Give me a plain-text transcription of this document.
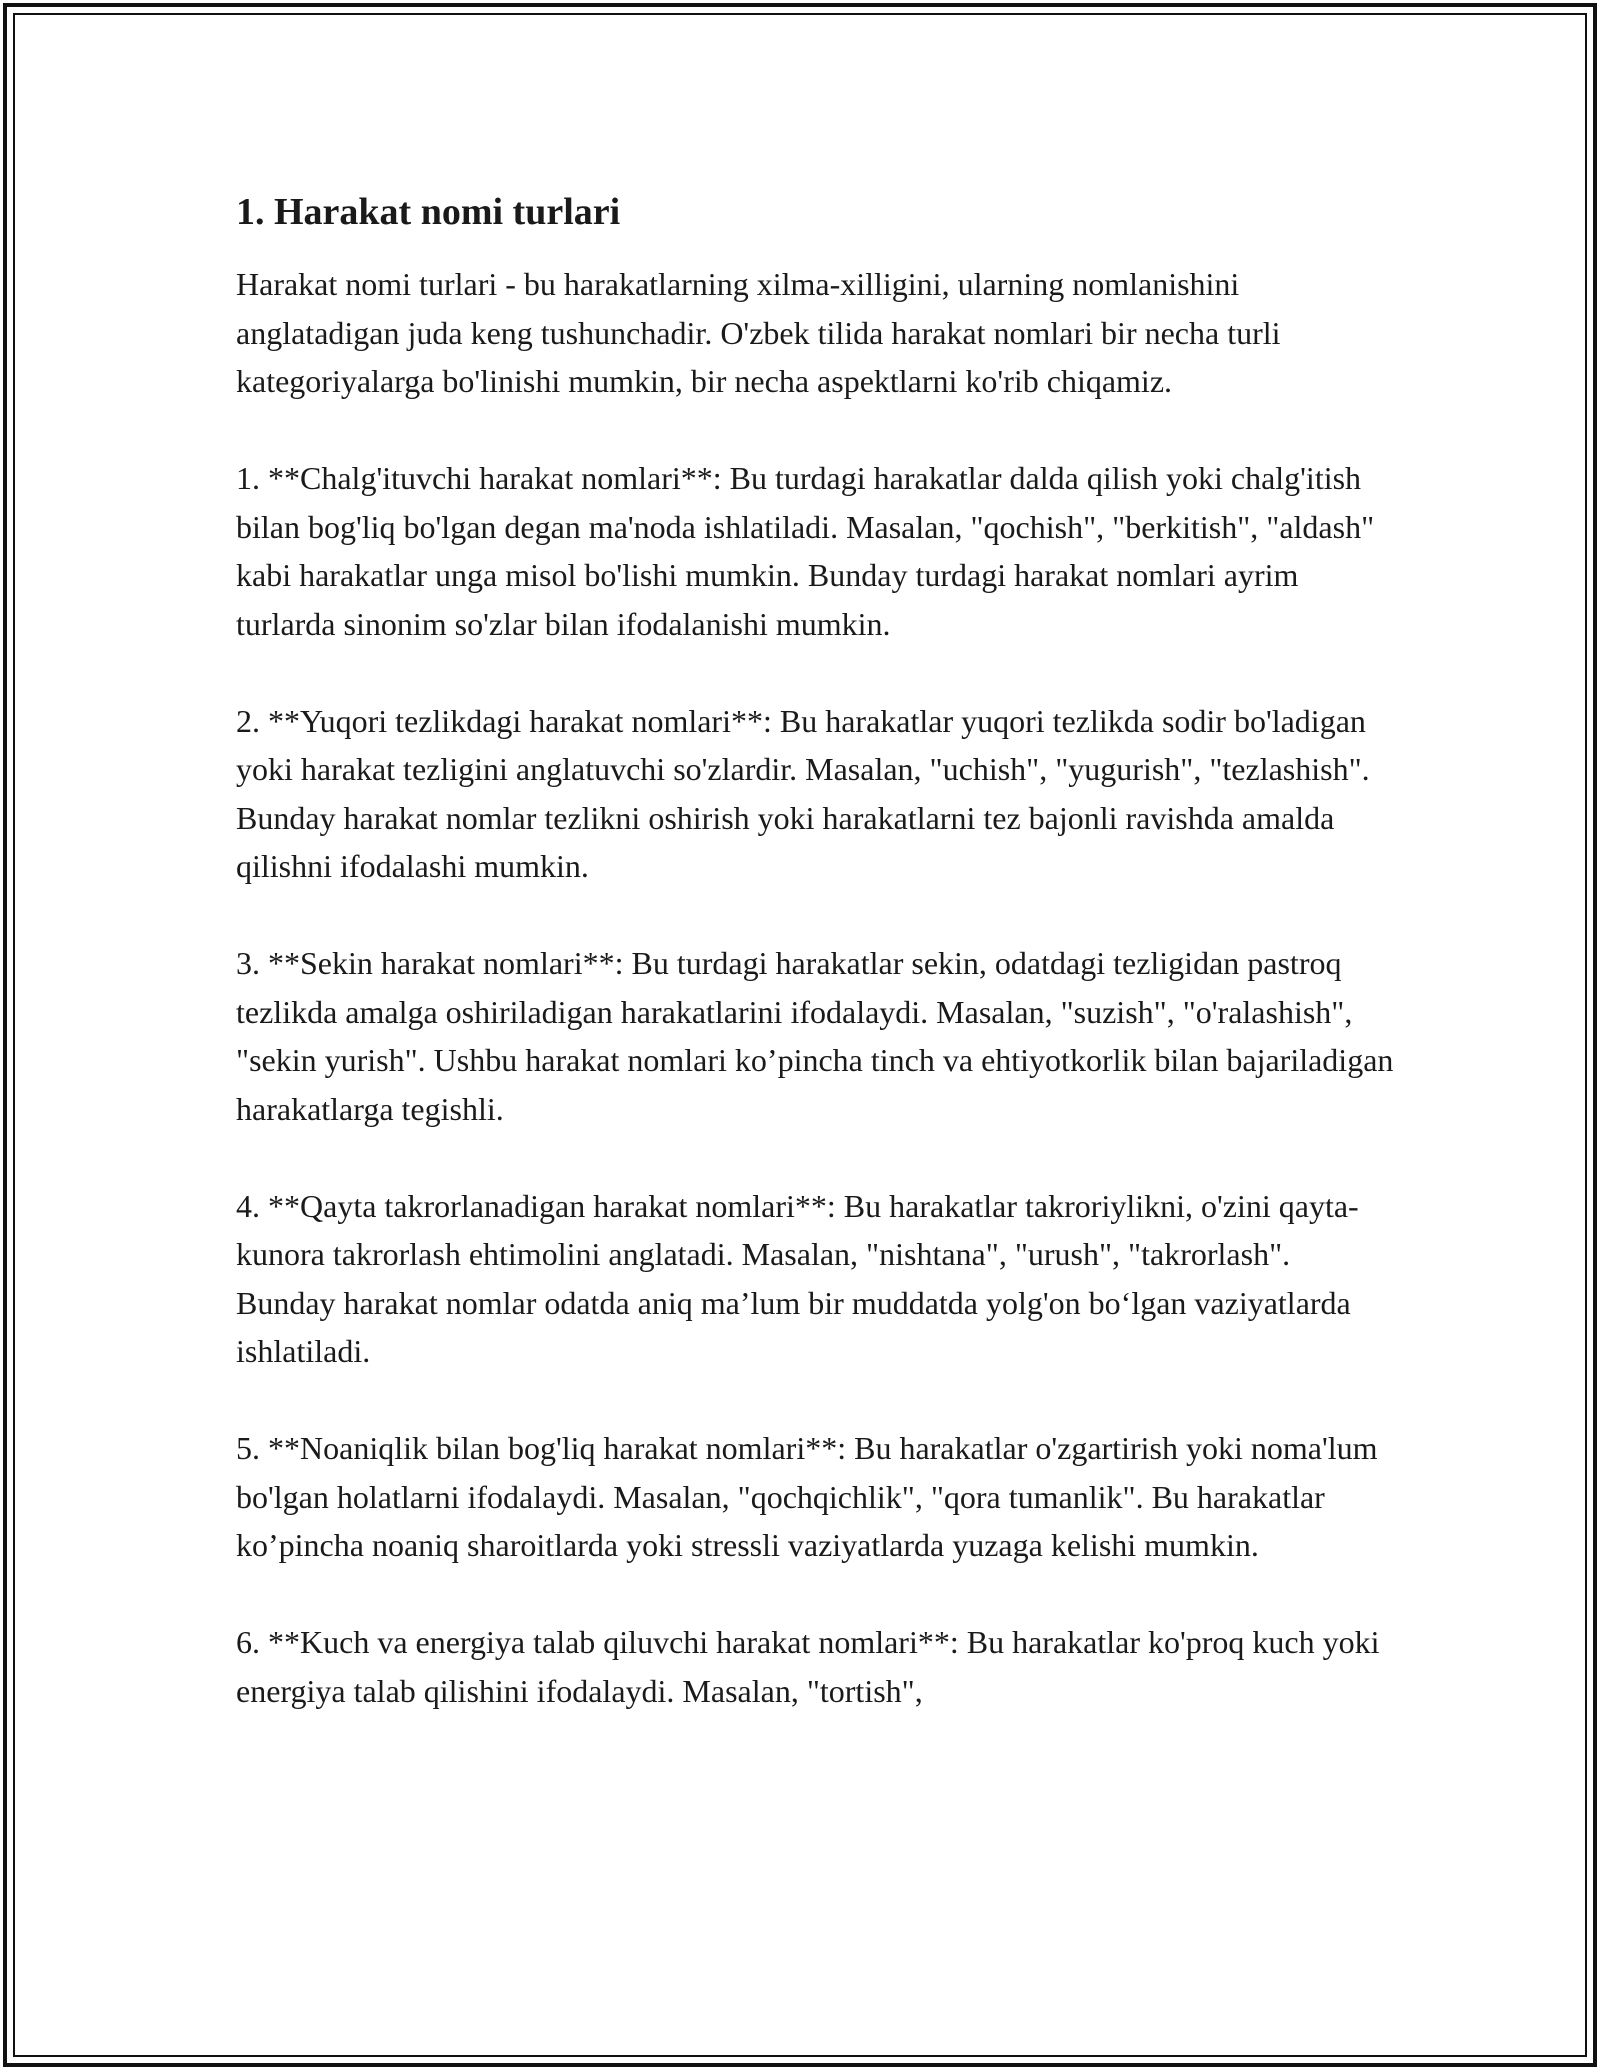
1. Harakat nomi turlari

Harakat nomi turlari - bu harakatlarning xilma-xilligini, ularning nomlanishini anglatadigan juda keng tushunchadir. O'zbek tilida harakat nomlari bir necha turli kategoriyalarga bo'linishi mumkin, bir necha aspektlarni ko'rib chiqamiz.

1. **Chalg'ituvchi harakat nomlari**: Bu turdagi harakatlar dalda qilish yoki chalg'itish bilan bog'liq bo'lgan degan ma'noda ishlatiladi. Masalan, "qochish", "berkitish", "aldash" kabi harakatlar unga misol bo'lishi mumkin. Bunday turdagi harakat nomlari ayrim turlarda sinonim so'zlar bilan ifodalanishi mumkin.

2. **Yuqori tezlikdagi harakat nomlari**: Bu harakatlar yuqori tezlikda sodir bo'ladigan yoki harakat tezligini anglatuvchi so'zlardir. Masalan, "uchish", "yugurish", "tezlashish". Bunday harakat nomlar tezlikni oshirish yoki harakatlarni tez bajonli ravishda amalda qilishni ifodalashi mumkin.

3. **Sekin harakat nomlari**: Bu turdagi harakatlar sekin, odatdagi tezligidan pastroq tezlikda amalga oshiriladigan harakatlarini ifodalaydi. Masalan, "suzish", "o'ralashish", "sekin yurish". Ushbu harakat nomlari ko’pincha tinch va ehtiyotkorlik bilan bajariladigan harakatlarga tegishli.

4. **Qayta takrorlanadigan harakat nomlari**: Bu harakatlar takroriylikni, o'zini qayta-kunora takrorlash ehtimolini anglatadi. Masalan, "nishtana", "urush", "takrorlash". Bunday harakat nomlar odatda aniq ma’lum bir muddatda yolg'on bo‘lgan vaziyatlarda ishlatiladi.

5. **Noaniqlik bilan bog'liq harakat nomlari**: Bu harakatlar o'zgartirish yoki noma'lum bo'lgan holatlarni ifodalaydi. Masalan, "qochqichlik", "qora tumanlik". Bu harakatlar ko’pincha noaniq sharoitlarda yoki stressli vaziyatlarda yuzaga kelishi mumkin.

6. **Kuch va energiya talab qiluvchi harakat nomlari**: Bu harakatlar ko'proq kuch yoki energiya talab qilishini ifodalaydi. Masalan, "tortish",
